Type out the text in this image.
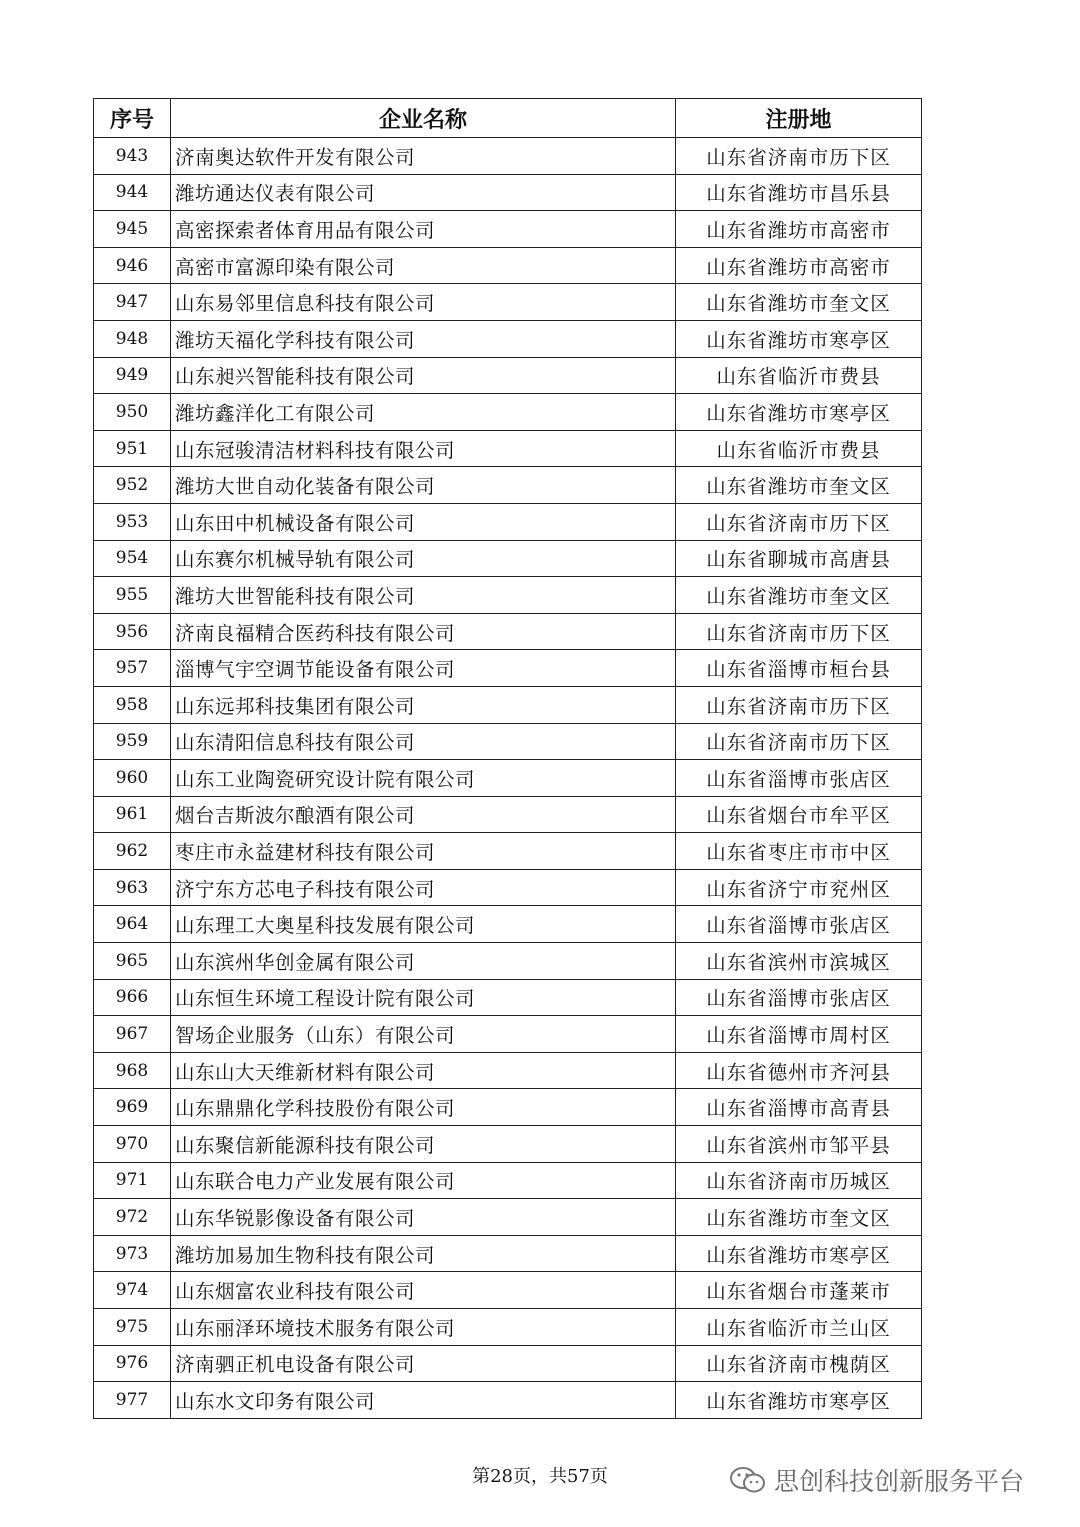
序号	企业名称	注册地
943	济南奥达软件开发有限公司	山东省济南市历下区
944	潍坊通达仪表有限公司	山东省潍坊市昌乐县
945	高密探索者体育用品有限公司	山东省潍坊市高密市
946	高密市富源印染有限公司	山东省潍坊市高密市
947	山东易邻里信息科技有限公司	山东省潍坊市奎文区
948	潍坊天福化学科技有限公司	山东省潍坊市寒亭区
949	山东昶兴智能科技有限公司	山东省临沂市费县
950	潍坊鑫洋化工有限公司	山东省潍坊市寒亭区
951	山东冠骏清洁材料科技有限公司	山东省临沂市费县
952	潍坊大世自动化装备有限公司	山东省潍坊市奎文区
953	山东田中机械设备有限公司	山东省济南市历下区
954	山东赛尔机械导轨有限公司	山东省聊城市高唐县
955	潍坊大世智能科技有限公司	山东省潍坊市奎文区
956	济南良福精合医药科技有限公司	山东省济南市历下区
957	淄博气宇空调节能设备有限公司	山东省淄博市桓台县
958	山东远邦科技集团有限公司	山东省济南市历下区
959	山东清阳信息科技有限公司	山东省济南市历下区
960	山东工业陶瓷研究设计院有限公司	山东省淄博市张店区
961	烟台吉斯波尔酿酒有限公司	山东省烟台市牟平区
962	枣庄市永益建材科技有限公司	山东省枣庄市市中区
963	济宁东方芯电子科技有限公司	山东省济宁市兖州区
964	山东理工大奥星科技发展有限公司	山东省淄博市张店区
965	山东滨州华创金属有限公司	山东省滨州市滨城区
966	山东恒生环境工程设计院有限公司	山东省淄博市张店区
967	智场企业服务（山东）有限公司	山东省淄博市周村区
968	山东山大天维新材料有限公司	山东省德州市齐河县
969	山东鼎鼎化学科技股份有限公司	山东省淄博市高青县
970	山东聚信新能源科技有限公司	山东省滨州市邹平县
971	山东联合电力产业发展有限公司	山东省济南市历城区
972	山东华锐影像设备有限公司	山东省潍坊市奎文区
973	潍坊加易加生物科技有限公司	山东省潍坊市寒亭区
974	山东烟富农业科技有限公司	山东省烟台市蓬莱市
975	山东丽泽环境技术服务有限公司	山东省临沂市兰山区
976	济南驷正机电设备有限公司	山东省济南市槐荫区
977	山东水文印务有限公司	山东省潍坊市寒亭区
第28页，共57页	思创科技创新服务平台
